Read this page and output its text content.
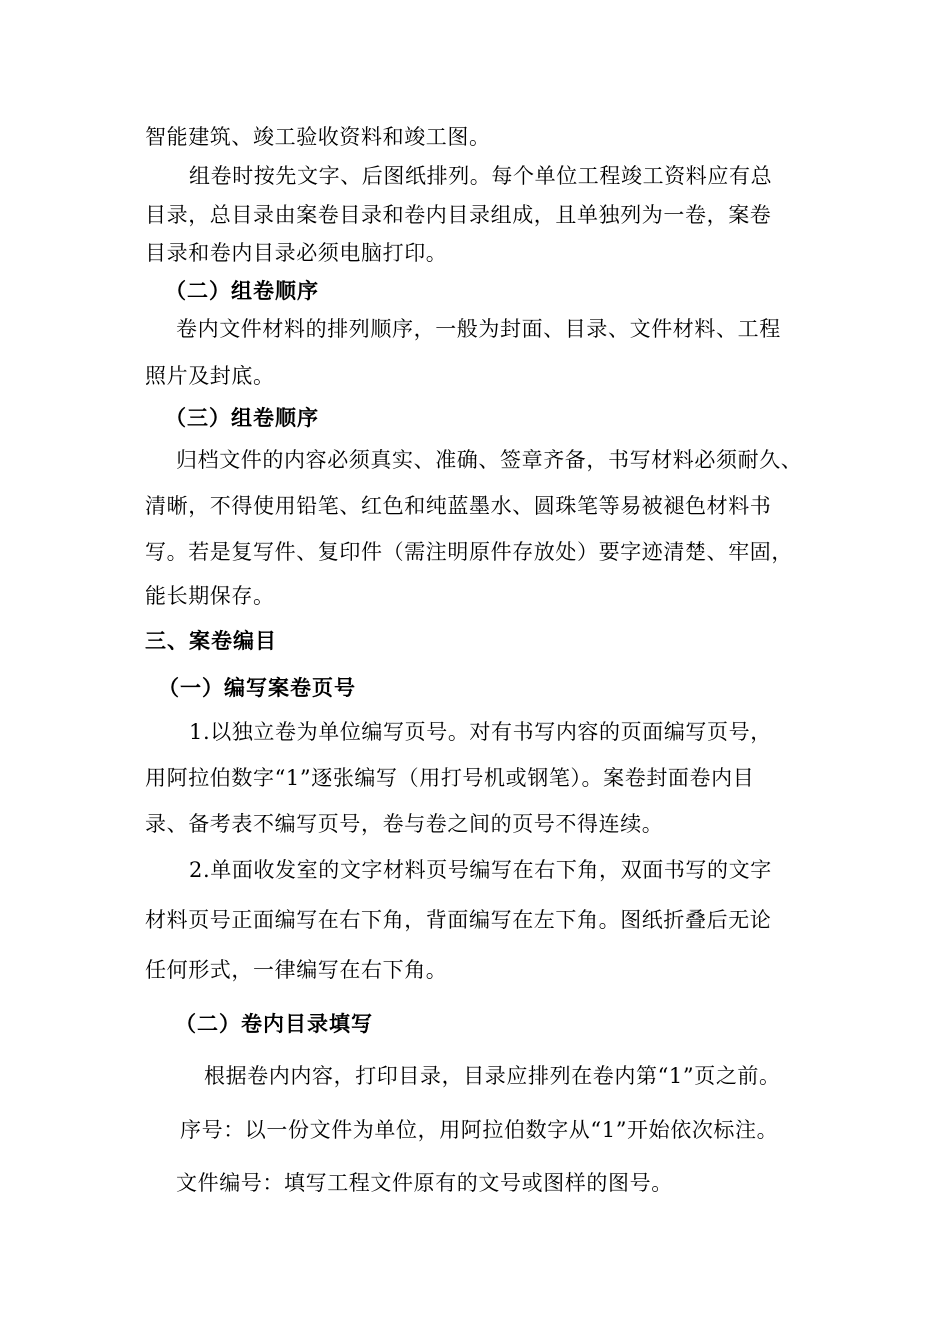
智能建筑、竣工验收资料和竣工图。
组卷时按先文字、后图纸排列。每个单位工程竣工资料应有总
目录，总目录由案卷目录和卷内目录组成，且单独列为一卷，案卷
目录和卷内目录必须电脑打印。
（二）组卷顺序
卷内文件材料的排列顺序，一般为封面、目录、文件材料、工程
照片及封底。
（三）组卷顺序
归档文件的内容必须真实、准确、签章齐备，书写材料必须耐久、
清晰，不得使用铅笔、红色和纯蓝墨水、圆珠笔等易被褪色材料书
写。若是复写件、复印件（需注明原件存放处）要字迹清楚、牢固，
能长期保存。
三、案卷编目
（一）编写案卷页号
1.以独立卷为单位编写页号。对有书写内容的页面编写页号，
用阿拉伯数字“1”逐张编写（用打号机或钢笔）。案卷封面卷内目
录、备考表不编写页号，卷与卷之间的页号不得连续。
2.单面收发室的文字材料页号编写在右下角，双面书写的文字
材料页号正面编写在右下角，背面编写在左下角。图纸折叠后无论
任何形式，一律编写在右下角。
（二）卷内目录填写
根据卷内内容，打印目录，目录应排列在卷内第“1”页之前。
序号：以一份文件为单位，用阿拉伯数字从“1”开始依次标注。
文件编号：填写工程文件原有的文号或图样的图号。
